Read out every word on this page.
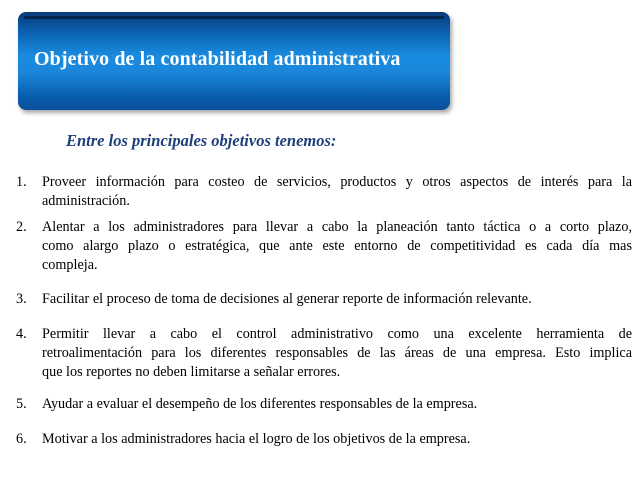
Objetivo de la contabilidad administrativa
Entre los principales objetivos tenemos:
1. Proveer información para costeo de servicios, productos y otros aspectos de interés para la
administración.
2. Alentar a los administradores para llevar a cabo la planeación tanto táctica o a corto plazo,
como alargo plazo o estratégica, que ante este entorno de competitividad es cada día mas
compleja.
3. Facilitar el proceso de toma de decisiones al generar reporte de información relevante.
4. Permitir llevar a cabo el control administrativo como una excelente herramienta de
retroalimentación para los diferentes responsables de las áreas de una empresa. Esto implica
que los reportes no deben limitarse a señalar errores.
5. Ayudar a evaluar el desempeño de los diferentes responsables de la empresa.
6. Motivar a los administradores hacia el logro de los objetivos de la empresa.
